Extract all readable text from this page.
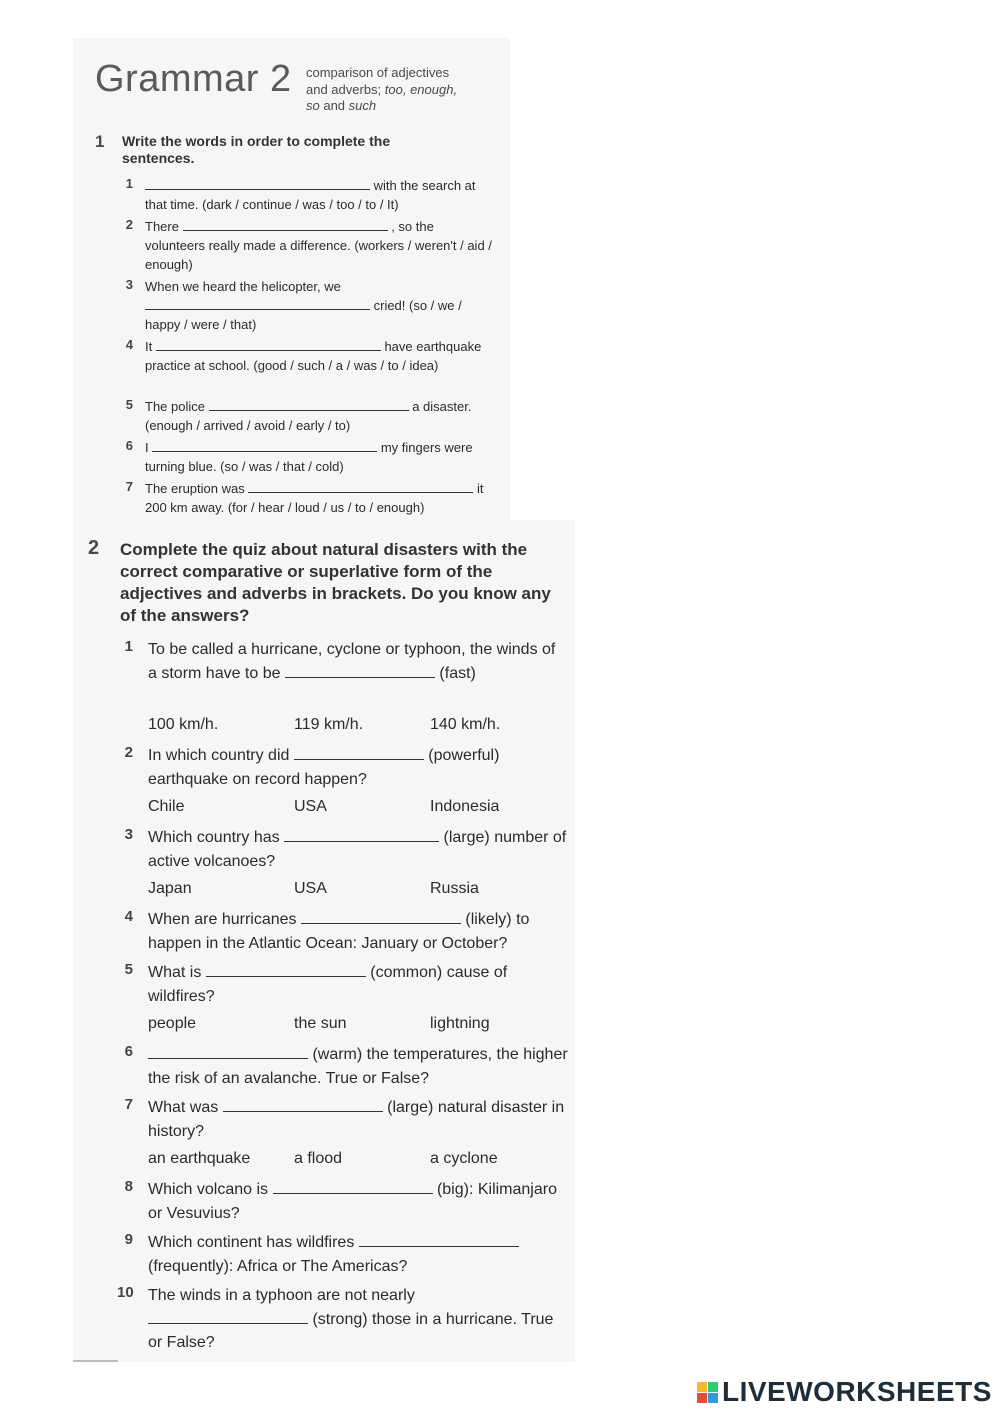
Grammar 2 comparison of adjectives
and adverbs; too, enough,
so and such
1 Write the words in order to complete the sentences.
1	with the search at that time. (dark / continue / was / too / to / It)
2 There	, so the volunteers really made a difference. (workers / weren't / aid / enough)
3 When we heard the helicopter, we  cried! (so / we / happy / were / that)
4 It	have earthquake practice at school. (good / such / a / was / to / idea)
5 The police	a disaster. (enough / arrived / avoid / early / to)
6 I	my fingers were turning blue. (so / was / that / cold)
7 The eruption was	it 200 km away. (for / hear / loud / us / to / enough)
2 Complete the quiz about natural disasters with the correct comparative or superlative form of the adjectives and adverbs in brackets. Do you know any of the answers?
1 To be called a hurricane, cyclone or typhoon, the winds of a storm have to be	(fast)
100 km/h.	119 km/h.	140 km/h.
2 In which country did	(powerful) earthquake on record happen?
Chile	USA	Indonesia
3 Which country has	(large) number of active volcanoes?
Japan	USA	Russia
4 When are hurricanes	(likely) to happen in the Atlantic Ocean: January or October?
5 What is	(common) cause of wildfires?
people	the sun	lightning
6	(warm) the temperatures, the higher the risk of an avalanche. True or False?
7 What was	(large) natural disaster in history?
an earthquake	a flood	a cyclone
8 Which volcano is	(big): Kilimanjaro or Vesuvius?
9 Which continent has wildfires  (frequently): Africa or The Americas?
10 The winds in a typhoon are not nearly  (strong) those in a hurricane. True or False?
LIVEWORKSHEETS
